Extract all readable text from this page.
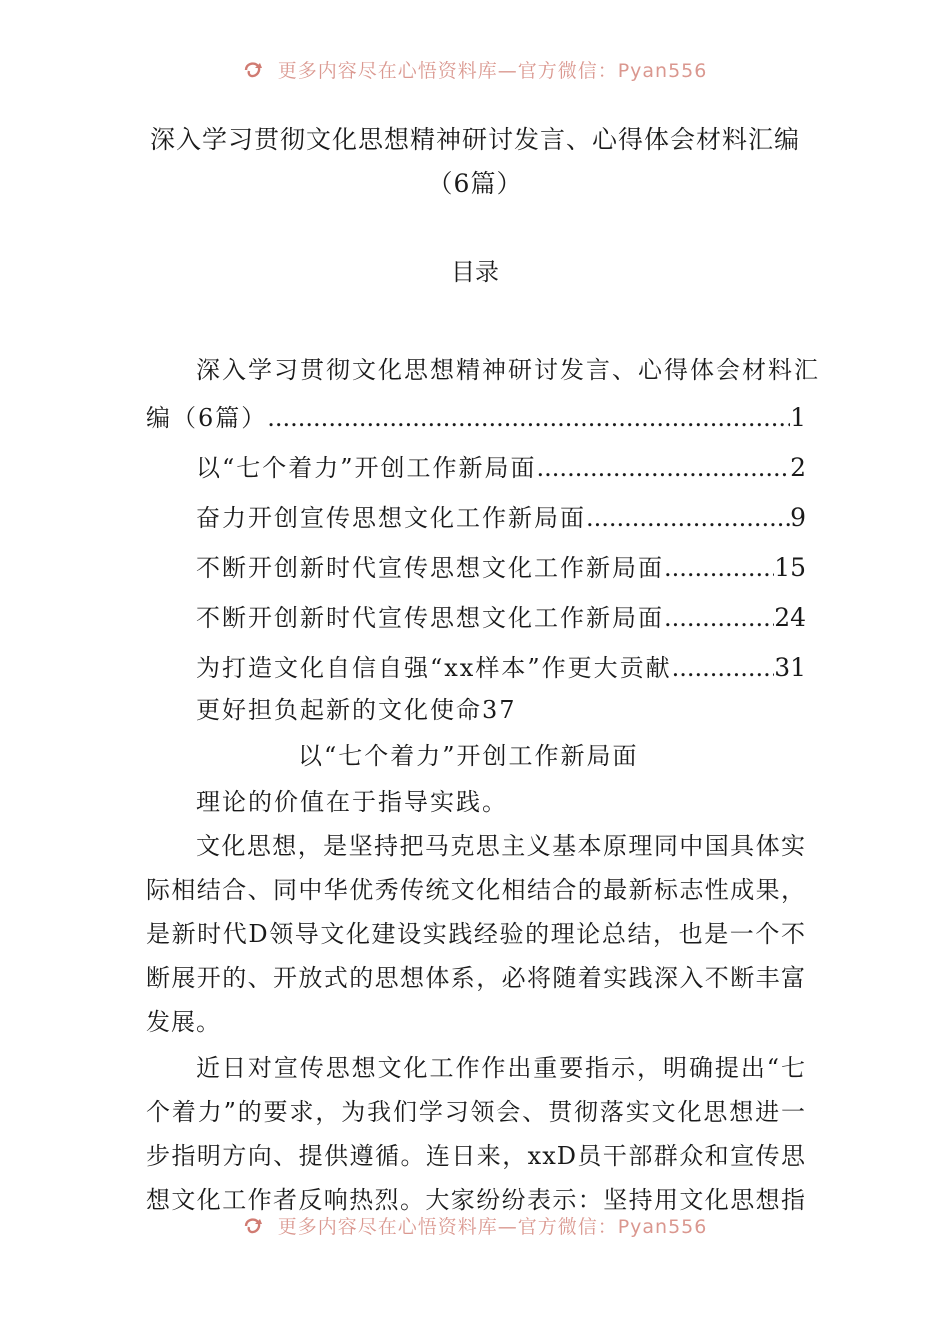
更多内容尽在心悟资料库—官方微信：Pyan556
深入学习贯彻文化思想精神研讨发言、心得体会材料汇编
（6篇）
目录
深入学习贯彻文化思想精神研讨发言、心得体会材料汇
编（6篇） .....	1
以“七个着力”开创工作新局面 .....	2
奋力开创宣传思想文化工作新局面 .....	9
不断开创新时代宣传思想文化工作新局面 .....	15
不断开创新时代宣传思想文化工作新局面 .....	24
为打造文化自信自强“xx样本”作更大贡献 .....	31
更好担负起新的文化使命37
以“七个着力”开创工作新局面
理论的价值在于指导实践。
文化思想，是坚持把马克思主义基本原理同中国具体实
际相结合、同中华优秀传统文化相结合的最新标志性成果，
是新时代D领导文化建设实践经验的理论总结，也是一个不
断展开的、开放式的思想体系，必将随着实践深入不断丰富
发展。
近日对宣传思想文化工作作出重要指示，明确提出“七
个着力”的要求，为我们学习领会、贯彻落实文化思想进一
步指明方向、提供遵循。连日来，xxD员干部群众和宣传思
想文化工作者反响热烈。大家纷纷表示：坚持用文化思想指
更多内容尽在心悟资料库—官方微信：Pyan556
